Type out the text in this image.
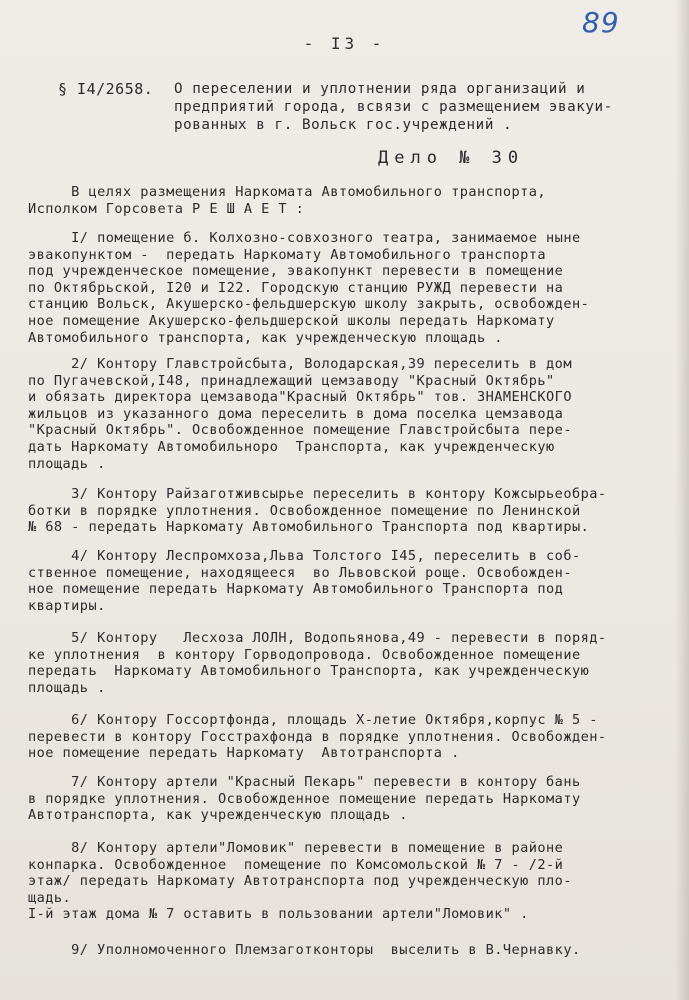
89
- I3 -
§ I4/2658. О переселении и уплотнении ряда организаций и
предприятий города, всвязи с размещением эвакуи-
рованных в г. Вольск гос.учреждений .
Дело № 30
В целях размещения Наркомата Автомобильного транспорта,
Исполком Горсовета Р Е Ш А Е Т :
I/ помещение б. Колхозно-совхозного театра, занимаемое ныне
эвакопунктом -  передать Наркомату Автомобильного транспорта
под учрежденческое помещение, эвакопункт перевести в помещение
по Октябрьской, I20 и I22. Городскую станцию РУЖД перевести на
станцию Вольск, Акушерско-фельдшерскую школу закрыть, освобожден-
ное помещение Акушерско-фельдшерской школы передать Наркомату
Автомобильного транспорта, как учрежденческую площадь .
2/ Контору Главстройсбыта, Володарская,39 переселить в дом
по Пугачевской,I48, принадлежащий цемзаводу "Красный Октябрь"
и обязать директора цемзавода"Красный Октябрь" тов. ЗНАМЕНСКОГО
жильцов из указанного дома переселить в дома поселка цемзавода
"Красный Октябрь". Освобожденное помещение Главстройсбыта пере-
дать Наркомату Автомобильноро  Транспорта, как учрежденческую
площадь .
3/ Контору Райзаготживсырье переселить в контору Кожсырьеобра-
ботки в порядке уплотнения. Освобожденное помещение по Ленинской
№ 68 - передать Наркомату Автомобильного Транспорта под квартиры.
4/ Контору Леспромхоза,Льва Толстого I45, переселить в соб-
ственное помещение, находящееся  во Львовской роще. Освобожден-
ное помещение передать Наркомату Автомобильного Транспорта под
квартиры.
5/ Контору   Лесхоза ЛОЛН, Водопьянова,49 - перевести в поряд-
ке уплотнения  в контору Горводопровода. Освобожденное помещение
передать  Наркомату Автомобильного Транспорта, как учрежденческую
площадь .
6/ Контору Госсортфонда, площадь Х-летие Октября,корпус № 5 -
перевести в контору Госстрахфонда в порядке уплотнения. Освобожден-
ное помещение передать Наркомату  Автотранспорта .
7/ Контору артели "Красный Пекарь" перевести в контору бань
в порядке уплотнения. Освобожденное помещение передать Наркомату
Автотранспорта, как учрежденческую площадь .
8/ Контору артели"Ломовик" перевести в помещение в районе
конпарка. Освобожденное  помещение по Комсомольской № 7 - /2-й
этаж/ передать Наркомату Автотранспорта под учрежденческую пло-
щадь.
I-й этаж дома № 7 оставить в пользовании артели"Ломовик" .
9/ Уполномоченного Племзаготконторы  выселить в В.Чернавку.
